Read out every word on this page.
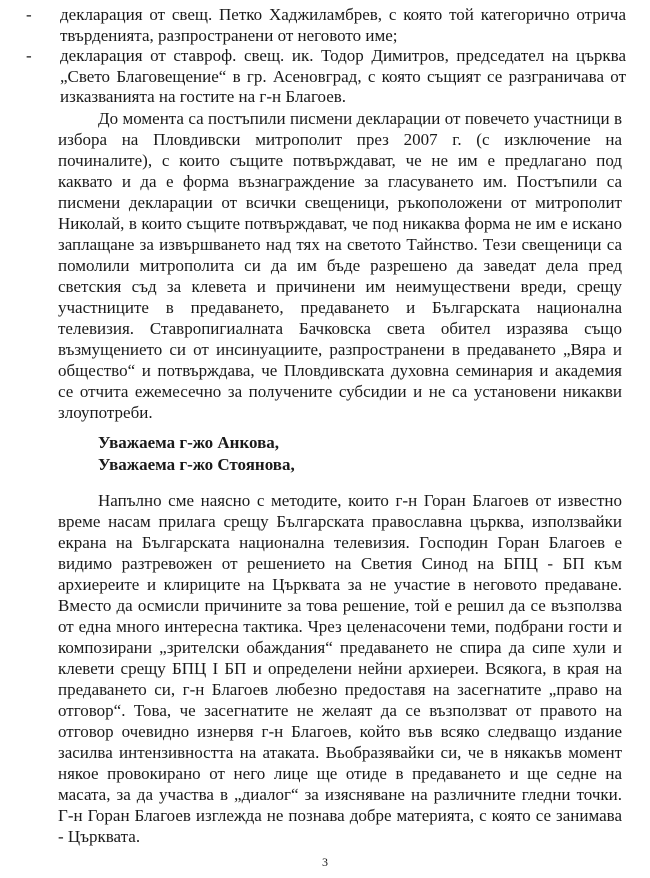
-	декларация от свещ. Петко Хаджиламбрев, с която той категорично отрича твърденията, разпространени от неговото име;
-	декларация от ставроф. свещ. ик. Тодор Димитров, председател на църква „Свето Благовещение“ в гр. Асеновград, с която същият се разграничава от изказванията на гостите на г-н Благоев.
До момента са постъпили писмени декларации от повечето участници в избора на Пловдивски митрополит през 2007 г. (с изключение на починалите), с които същите потвърждават, че не им е предлагано под каквато и да е форма възнаграждение за гласуването им. Постъпили са писмени декларации от всички свещеници, ръкоположени от митрополит Николай, в които същите потвърждават, че под никаква форма не им е искано заплащане за извършването над тях на светото Тайнство. Тези свещеници са помолили митрополита си да им бъде разрешено да заведат дела пред светския съд за клевета и причинени им неимуществени вреди, срещу участниците в предаването, предаването и Българската национална телевизия. Ставропигиалната Бачковска света обител изразява също възмущението си от инсинуациите, разпространени в предаването „Вяра и общество“ и потвърждава, че Пловдивската духовна семинария и академия се отчита ежемесечно за получените субсидии и не са установени никакви злоупотреби.
Уважаема г-жо Анкова,
Уважаема г-жо Стоянова,
Напълно сме наясно с методите, които г-н Горан Благоев от известно време насам прилага срещу Българската православна църква, използвайки екрана на Българската национална телевизия. Господин Горан Благоев е видимо разтревожен от решението на Светия Синод на БПЦ - БП към архиереите и клириците на Църквата за не участие в неговото предаване. Вместо да осмисли причините за това решение, той е решил да се възползва от една много интересна тактика. Чрез целенасочени теми, подбрани гости и композирани „зрителски обаждания“ предаването не спира да сипе хули и клевети срещу БПЦ І БП и определени нейни архиереи. Всякога, в края на предаването си, г-н Благоев любезно предоставя на засегнатите „право на отговор“. Това, че засегнатите не желаят да се възползват от правото на отговор очевидно изнервя г-н Благоев, който във всяко следващо издание засилва интензивността на атаката. Вьобразявайки си, че в някакъв момент някое провокирано от него лице ще отиде в предаването и ще седне на масата, за да участва в „диалог“ за изясняване на различните гледни точки. Г-н Горан Благоев изглежда не познава добре материята, с която се занимава - Църквата.
3
